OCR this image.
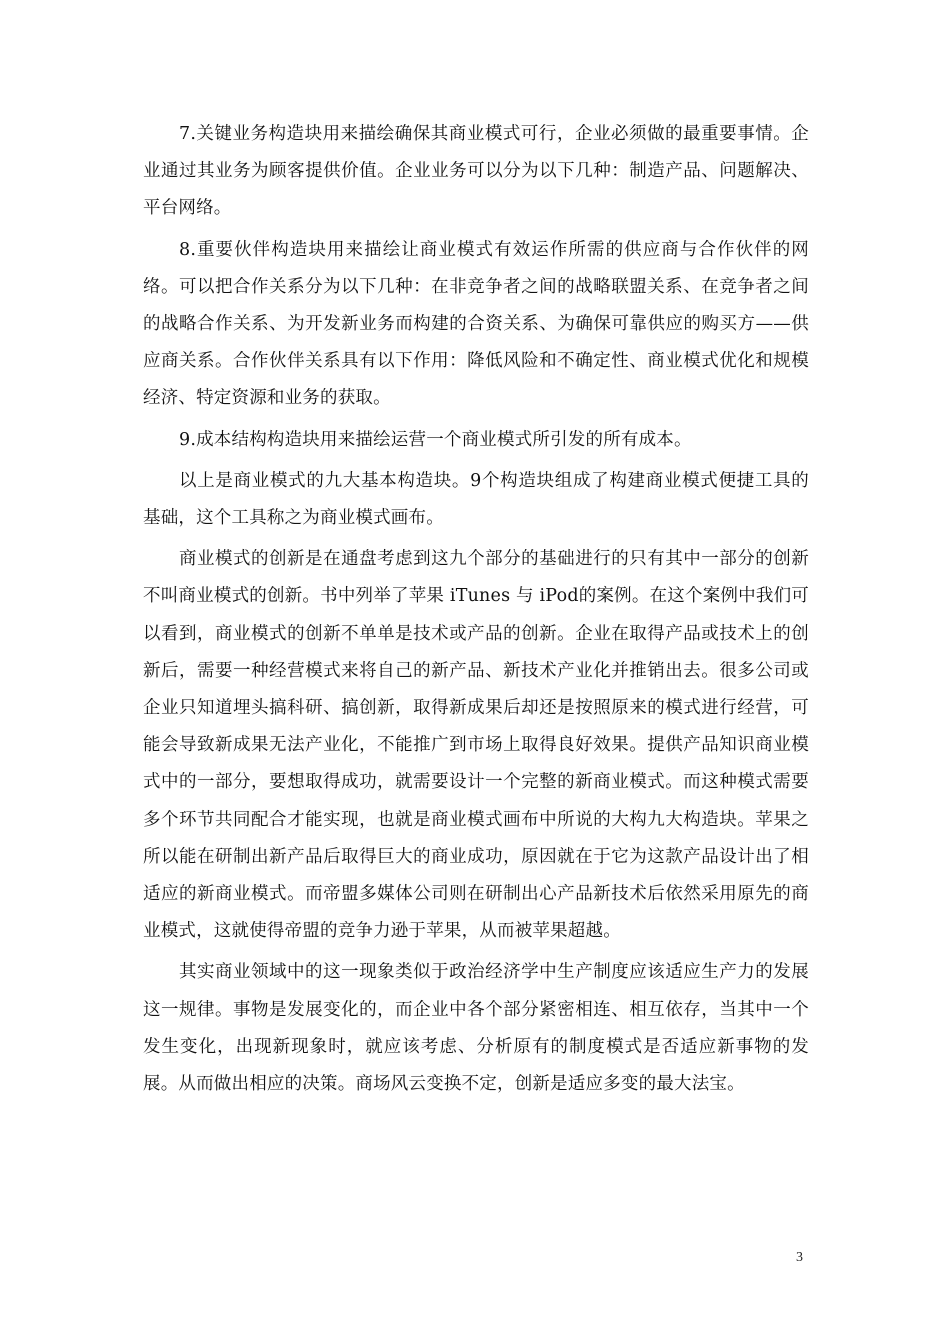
7.关键业务构造块用来描绘确保其商业模式可行，企业必须做的最重要事情。企业通过其业务为顾客提供价值。企业业务可以分为以下几种：制造产品、问题解决、平台网络。

8.重要伙伴构造块用来描绘让商业模式有效运作所需的供应商与合作伙伴的网络。可以把合作关系分为以下几种：在非竞争者之间的战略联盟关系、在竞争者之间的战略合作关系、为开发新业务而构建的合资关系、为确保可靠供应的购买方——供应商关系。合作伙伴关系具有以下作用：降低风险和不确定性、商业模式优化和规模经济、特定资源和业务的获取。

9.成本结构构造块用来描绘运营一个商业模式所引发的所有成本。

以上是商业模式的九大基本构造块。9个构造块组成了构建商业模式便捷工具的基础，这个工具称之为商业模式画布。

商业模式的创新是在通盘考虑到这九个部分的基础进行的只有其中一部分的创新不叫商业模式的创新。书中列举了苹果 iTunes 与 iPod的案例。在这个案例中我们可以看到，商业模式的创新不单单是技术或产品的创新。企业在取得产品或技术上的创新后，需要一种经营模式来将自己的新产品、新技术产业化并推销出去。很多公司或企业只知道埋头搞科研、搞创新，取得新成果后却还是按照原来的模式进行经营，可能会导致新成果无法产业化，不能推广到市场上取得良好效果。提供产品知识商业模式中的一部分，要想取得成功，就需要设计一个完整的新商业模式。而这种模式需要多个环节共同配合才能实现，也就是商业模式画布中所说的大构九大构造块。苹果之所以能在研制出新产品后取得巨大的商业成功，原因就在于它为这款产品设计出了相适应的新商业模式。而帝盟多媒体公司则在研制出心产品新技术后依然采用原先的商业模式，这就使得帝盟的竞争力逊于苹果，从而被苹果超越。

其实商业领域中的这一现象类似于政治经济学中生产制度应该适应生产力的发展这一规律。事物是发展变化的，而企业中各个部分紧密相连、相互依存，当其中一个发生变化，出现新现象时，就应该考虑、分析原有的制度模式是否适应新事物的发展。从而做出相应的决策。商场风云变换不定，创新是适应多变的最大法宝。

3
